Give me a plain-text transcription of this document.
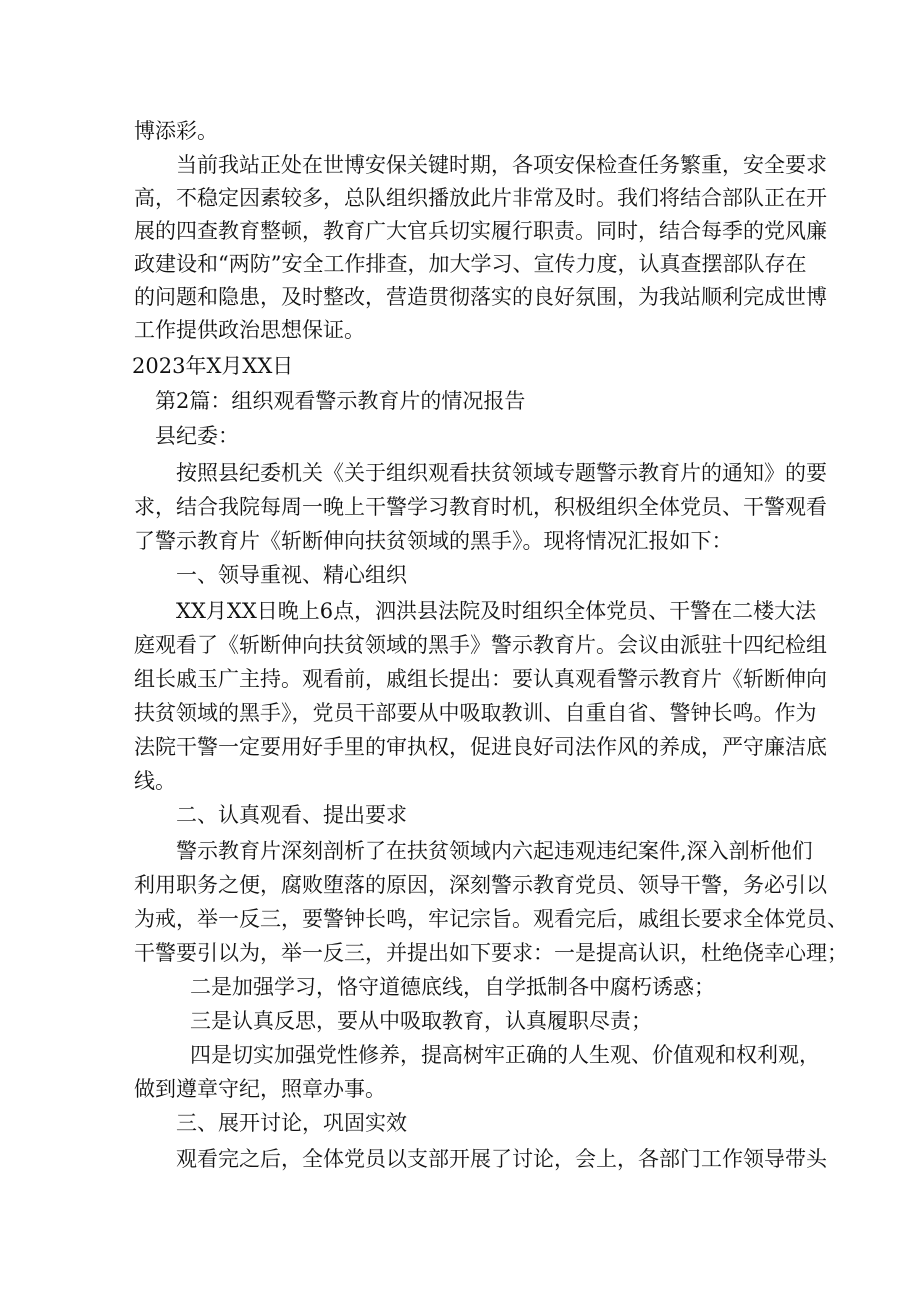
博添彩。
当前我站正处在世博安保关键时期，各项安保检查任务繁重，安全要求
高，不稳定因素较多，总队组织播放此片非常及时。我们将结合部队正在开
展的四查教育整顿，教育广大官兵切实履行职责。同时，结合每季的党风廉
政建设和“两防”安全工作排查，加大学习、宣传力度，认真查摆部队存在
的问题和隐患，及时整改，营造贯彻落实的良好氛围，为我站顺利完成世博
工作提供政治思想保证。
2023年X月XX日
第2篇：组织观看警示教育片的情况报告
县纪委：
按照县纪委机关《关于组织观看扶贫领域专题警示教育片的通知》的要
求，结合我院每周一晚上干警学习教育时机，积极组织全体党员、干警观看
了警示教育片《斩断伸向扶贫领域的黑手》。现将情况汇报如下：
一、领导重视、精心组织
XX月XX日晚上6点，泗洪县法院及时组织全体党员、干警在二楼大法
庭观看了《斩断伸向扶贫领域的黑手》警示教育片。会议由派驻十四纪检组
组长戚玉广主持。观看前，戚组长提出：要认真观看警示教育片《斩断伸向
扶贫领域的黑手》，党员干部要从中吸取教训、自重自省、警钟长鸣。作为
法院干警一定要用好手里的审执权，促进良好司法作风的养成，严守廉洁底
线。
二、认真观看、提出要求
警示教育片深刻剖析了在扶贫领域内六起违观违纪案件,深入剖析他们
利用职务之便，腐败堕落的原因，深刻警示教育党员、领导干警，务必引以
为戒，举一反三，要警钟长鸣，牢记宗旨。观看完后，戚组长要求全体党员、
干警要引以为，举一反三，并提出如下要求：一是提高认识，杜绝侥幸心理；
二是加强学习，恪守道德底线，自学抵制各中腐朽诱惑；
三是认真反思，要从中吸取教育，认真履职尽责；
四是切实加强党性修养，提高树牢正确的人生观、价值观和权利观，
做到遵章守纪，照章办事。
三、展开讨论，巩固实效
观看完之后，全体党员以支部开展了讨论，会上，各部门工作领导带头
